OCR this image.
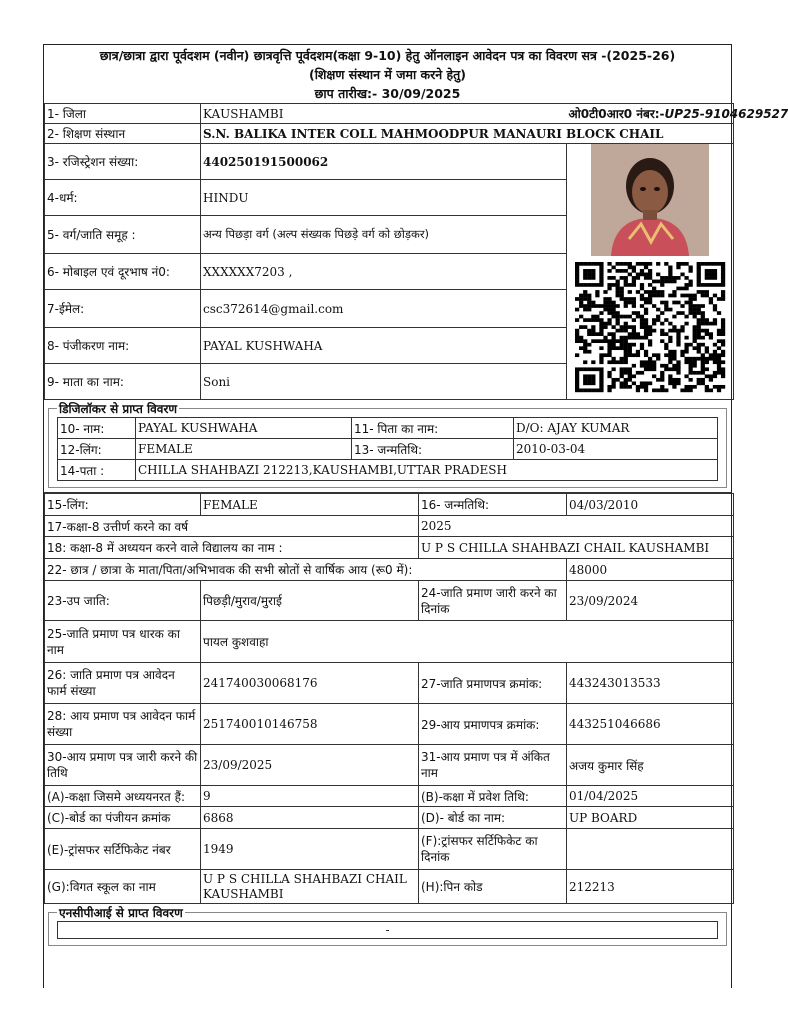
छात्र/छात्रा द्वारा पूर्वदशम (नवीन) छात्रवृत्ति पूर्वदशम(कक्षा 9-10) हेतु ऑनलाइन आवेदन पत्र का विवरण सत्र -(2025-26)
(शिक्षण संस्थान में जमा करने हेतु)
छाप तारीख:- 30/09/2025
1- जिला	KAUSHAMBI	ओ0टी0आर0 नंबर:-UP25-9104629527
2- शिक्षण संस्थान	S.N. BALIKA INTER COLL MAHMOODPUR MANAURI BLOCK CHAIL	
3- रजिस्ट्रेशन संख्या:	440250191500062	

4-धर्म:	HINDU	
5- वर्ग/जाति समूह :	अन्य पिछड़ा वर्ग (अल्प संख्यक पिछड़े वर्ग को छोड़कर)	
6- मोबाइल एवं दूरभाष नं0:	XXXXXX7203 ,	
7-ईमेल:	csc372614@gmail.com	
8- पंजीकरण नाम:	PAYAL KUSHWAHA	
9- माता का नाम:	Soni	
डिजिलॉकर से प्राप्त विवरण
10- नाम:	PAYAL KUSHWAHA	11- पिता का नाम:	D/O: AJAY KUMAR
12-लिंग:	FEMALE	13- जन्मतिथि:	2010-03-04
14-पता :	CHILLA SHAHBAZI 212213,KAUSHAMBI,UTTAR PRADESH		
15-लिंग:	FEMALE	16- जन्मतिथि:	04/03/2010
17-कक्षा-8 उत्तीर्ण करने का वर्ष		2025	
18: कक्षा-8 में अध्ययन करने वाले विद्यालय का नाम :		U P S CHILLA SHAHBAZI CHAIL KAUSHAMBI	
22- छात्र / छात्रा के माता/पिता/अभिभावक की सभी स्रोतों से वार्षिक आय (रू0 में):			48000
23-उप जाति:	पिछड़ी/मुराव/मुराई	24-जाति प्रमाण जारी करने का दिनांक	23/09/2024
25-जाति प्रमाण पत्र धारक का नाम	पायल कुशवाहा		
26: जाति प्रमाण पत्र आवेदन फार्म संख्या	241740030068176	27-जाति प्रमाणपत्र क्रमांक:	443243013533
28: आय प्रमाण पत्र आवेदन फार्म संख्या	251740010146758	29-आय प्रमाणपत्र क्रमांक:	443251046686
30-आय प्रमाण पत्र जारी करने की तिथि	23/09/2025	31-आय प्रमाण पत्र में अंकित नाम	अजय कुमार सिंह
(A)-कक्षा जिसमे अध्ययनरत हैं:	9	(B)-कक्षा में प्रवेश तिथि:	01/04/2025
(C)-बोर्ड का पंजीयन क्रमांक	6868	(D)- बोर्ड का नाम:	UP BOARD
(E)-ट्रांसफर सर्टिफिकेट नंबर	1949	(F):ट्रांसफर सर्टिफिकेट का दिनांक	
(G):विगत स्कूल का नाम	U P S CHILLA SHAHBAZI CHAIL KAUSHAMBI	(H):पिन कोड	212213
एनसीपीआई से प्राप्त विवरण
-
